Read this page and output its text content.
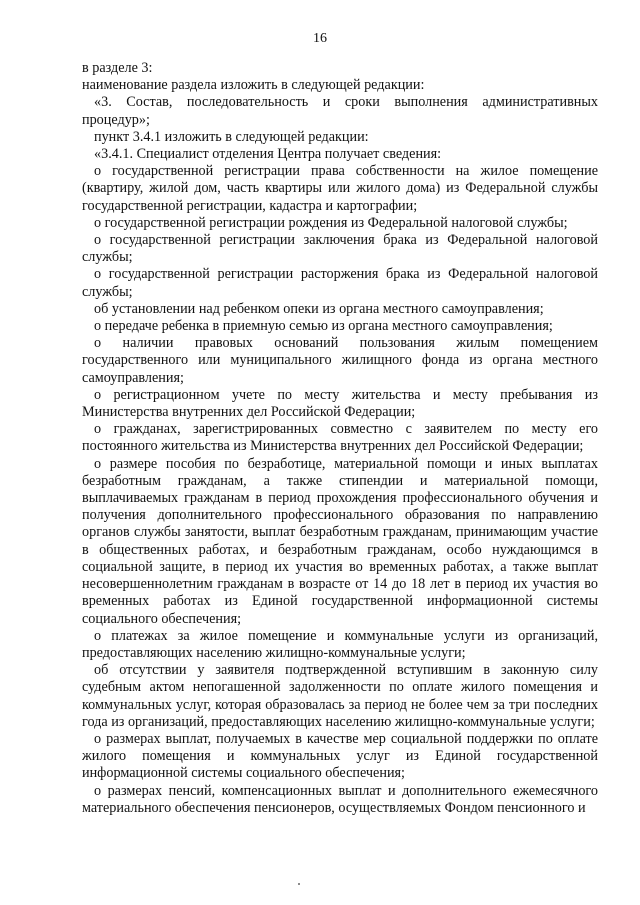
16

в разделе 3:

наименование раздела изложить в следующей редакции:

«3. Состав, последовательность и сроки выполнения административных процедур»;

пункт 3.4.1 изложить в следующей редакции:

«3.4.1. Специалист отделения Центра получает сведения:

о государственной регистрации права собственности на жилое помещение (квартиру, жилой дом, часть квартиры или жилого дома) из Федеральной службы государственной регистрации, кадастра и картографии;

о государственной регистрации рождения из Федеральной налоговой службы;

о государственной регистрации заключения брака из Федеральной налоговой службы;

о государственной регистрации расторжения брака из Федеральной налоговой службы;

об установлении над ребенком опеки из органа местного самоуправления;

о передаче ребенка в приемную семью из органа местного самоуправления;

о наличии правовых оснований пользования жилым помещением государственного или муниципального жилищного фонда из органа местного самоуправления;

о регистрационном учете по месту жительства и месту пребывания из Министерства внутренних дел Российской Федерации;

о гражданах, зарегистрированных совместно с заявителем по месту его постоянного жительства из Министерства внутренних дел Российской Федерации;

о размере пособия по безработице, материальной помощи и иных выплатах безработным гражданам, а также стипендии и материальной помощи, выплачиваемых гражданам в период прохождения профессионального обучения и получения дополнительного профессионального образования по направлению органов службы занятости, выплат безработным гражданам, принимающим участие в общественных работах, и безработным гражданам, особо нуждающимся в социальной защите, в период их участия во временных работах, а также выплат несовершеннолетним гражданам в возрасте от 14 до 18 лет в период их участия во временных работах из Единой государственной информационной системы социального обеспечения;

о платежах за жилое помещение и коммунальные услуги из организаций, предоставляющих населению жилищно-коммунальные услуги;

об отсутствии у заявителя подтвержденной вступившим в законную силу судебным актом непогашенной задолженности по оплате жилого помещения и коммунальных услуг, которая образовалась за период не более чем за три последних года из организаций, предоставляющих населению жилищно-коммунальные услуги;

о размерах выплат, получаемых в качестве мер социальной поддержки по оплате жилого помещения и коммунальных услуг из Единой государственной информационной системы социального обеспечения;

о размерах пенсий, компенсационных выплат и дополнительного ежемесячного материального обеспечения пенсионеров, осуществляемых Фондом пенсионного и
